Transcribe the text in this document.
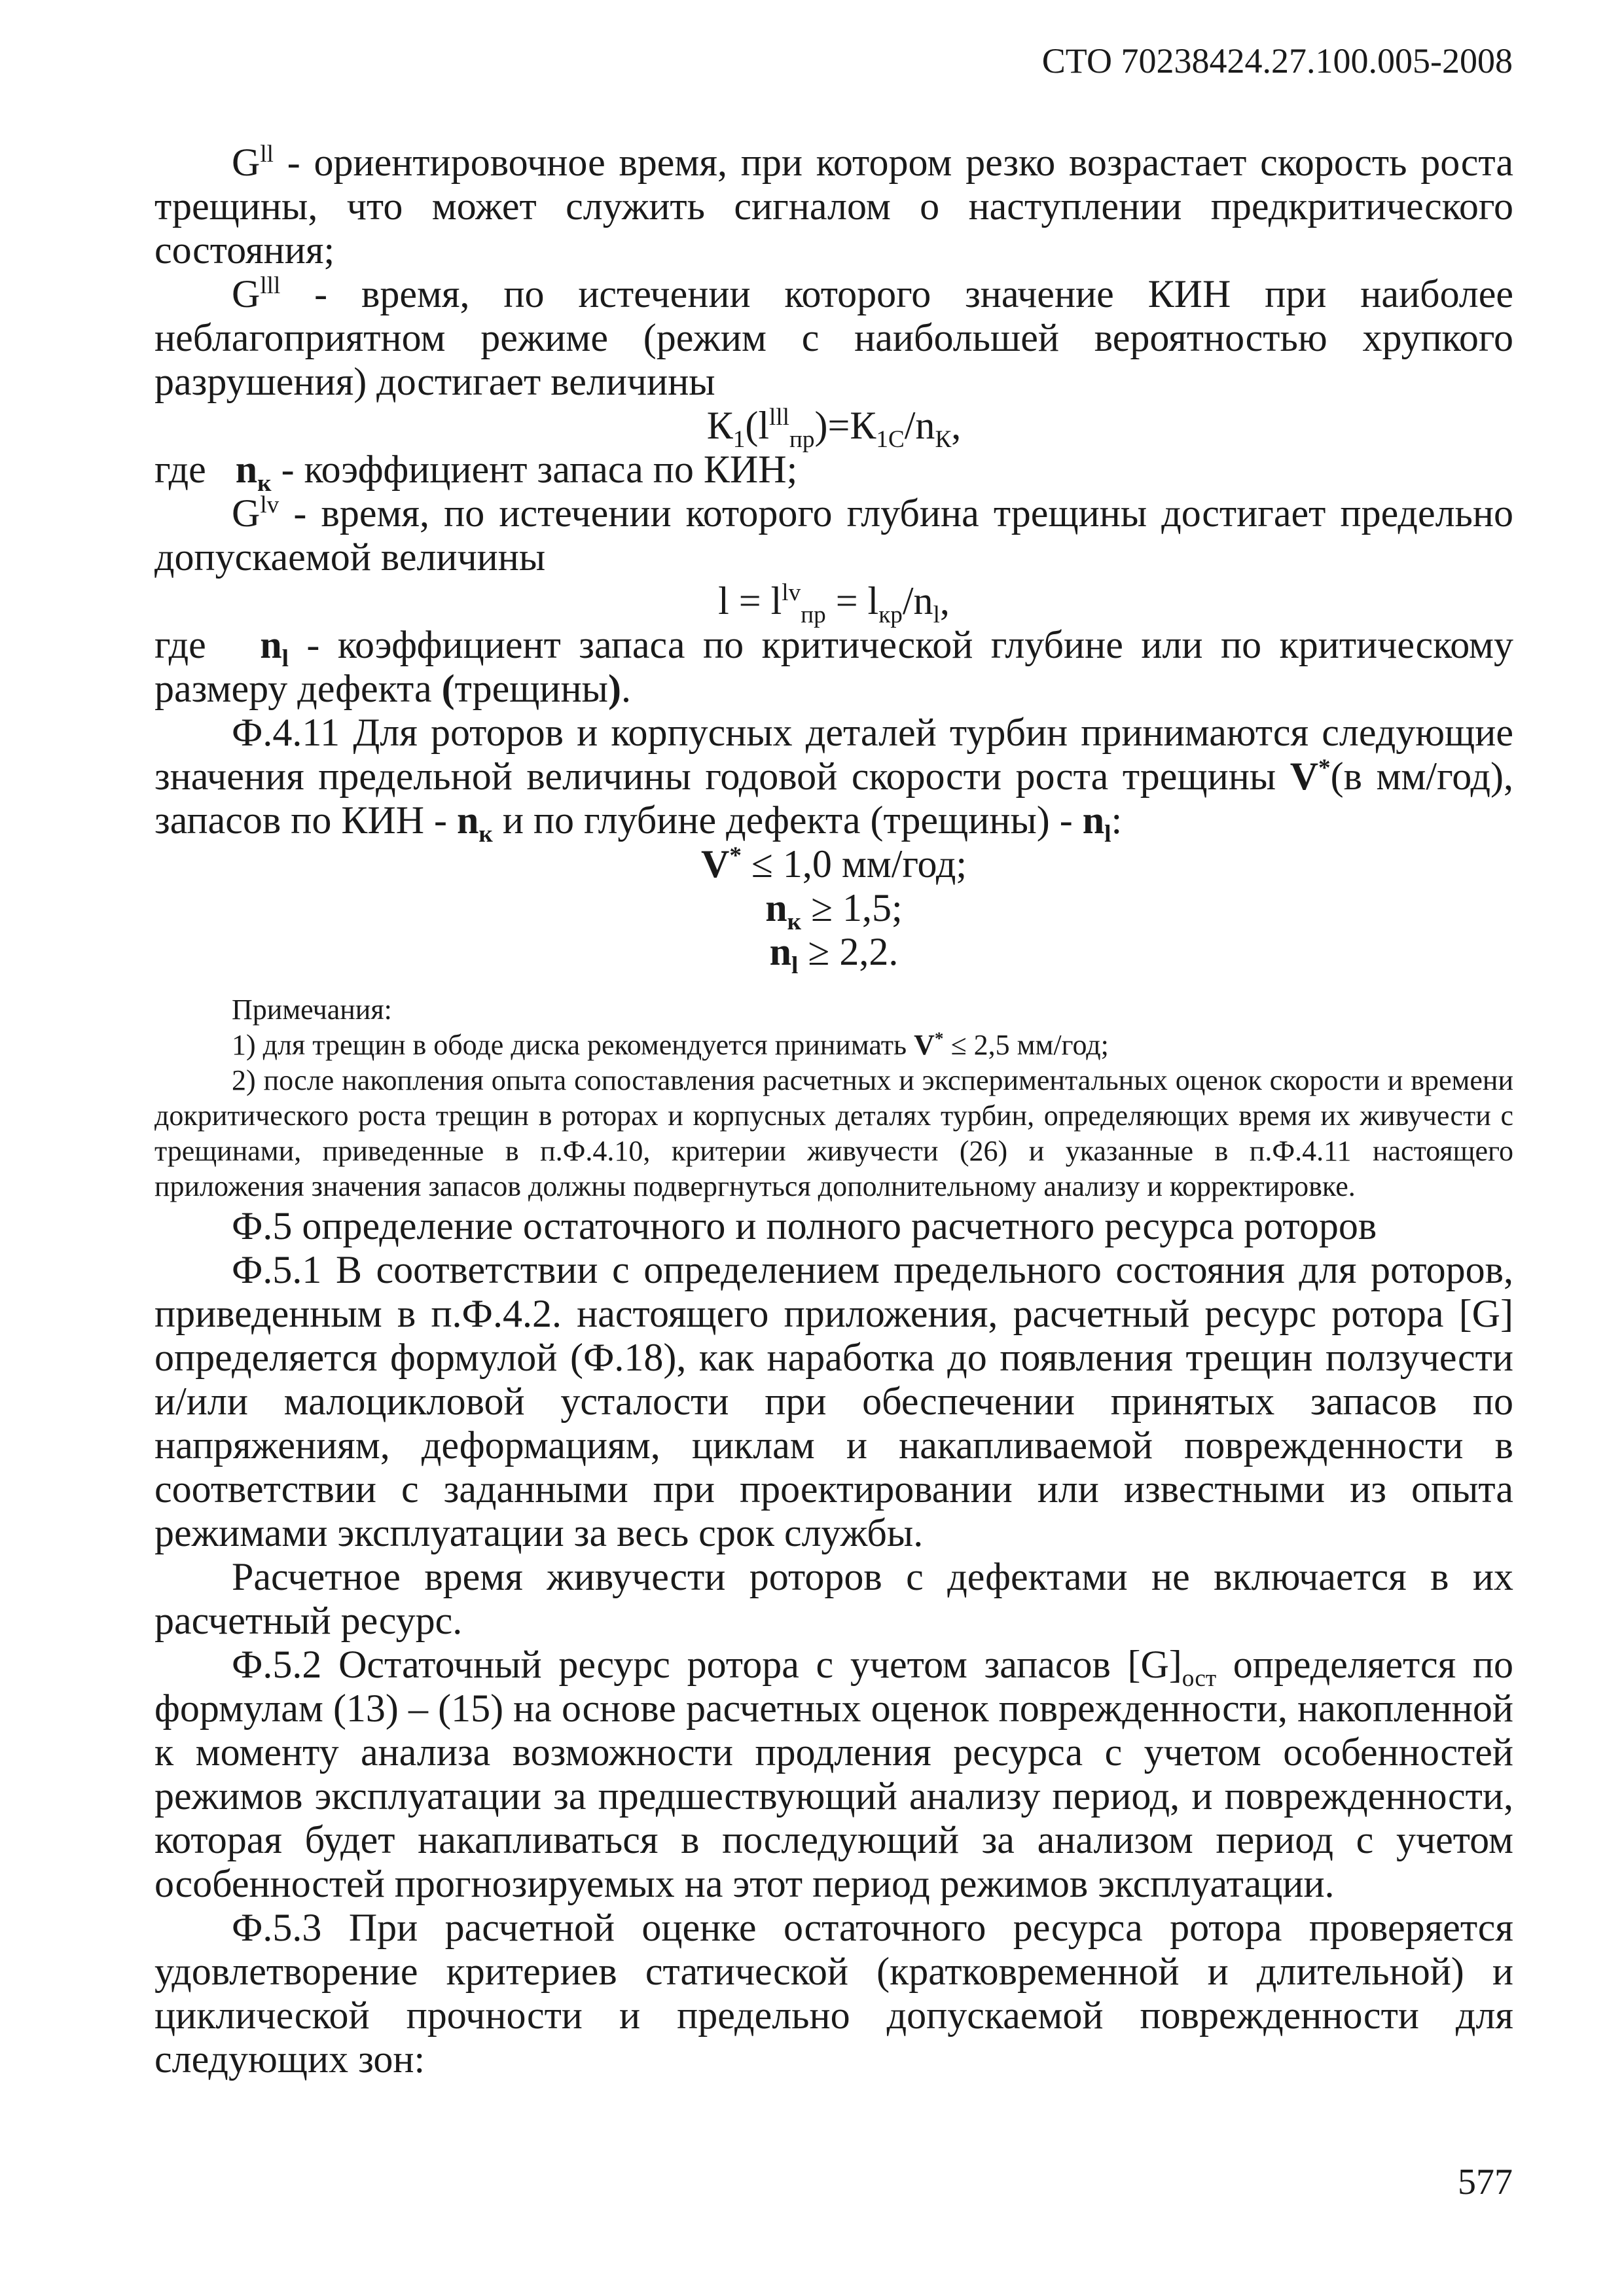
СТО 70238424.27.100.005-2008

$G^{ll}$ - ориентировочное время, при котором резко возрастает скорость роста трещины, что может служить сигналом о наступлении предкритического состояния;

$G^{lll}$ - время, по истечении которого значение КИН при наиболее неблагоприятном режиме (режим с наибольшей вероятностью хрупкого разрушения) достигает величины

$К_1(l^{lll}_{пр})=К_{1С}/n_К$,

где   $n_к$ - коэффициент запаса по КИН;

$G^{lv}$ - время, по истечении которого глубина трещины достигает предельно допускаемой величины

$l = l^{lv}_{пр} = l_{кр}/n_l$,

где   $n_l$ - коэффициент запаса по критической глубине или по критическому размеру дефекта (трещины).

Ф.4.11 Для роторов и корпусных деталей турбин принимаются следующие значения предельной величины годовой скорости роста трещины V*(в мм/год), запасов по КИН - $n_к$ и по глубине дефекта (трещины) - $n_l$:

V* ≤ 1,0 мм/год;

$n_к \ge 1,5$;

$n_l \ge 2,2$.

Примечания:

1) для трещин в ободе диска рекомендуется принимать V* ≤ 2,5 мм/год;

2) после накопления опыта сопоставления расчетных и экспериментальных оценок скорости и времени докритического роста трещин в роторах и корпусных деталях турбин, определяющих время их живучести с трещинами, приведенные в п.Ф.4.10, критерии живучести (26) и указанные в п.Ф.4.11 настоящего приложения значения запасов должны подвергнуться дополнительному анализу и корректировке.

Ф.5 определение остаточного и полного расчетного ресурса роторов

Ф.5.1 В соответствии с определением предельного состояния для роторов, приведенным в п.Ф.4.2. настоящего приложения, расчетный ресурс ротора [G] определяется формулой (Ф.18), как наработка до появления трещин ползучести и/или малоцикловой усталости при обеспечении принятых запасов по напряжениям, деформациям, циклам и накапливаемой поврежденности в соответствии с заданными при проектировании или известными из опыта режимами эксплуатации за весь срок службы.

Расчетное время живучести роторов с дефектами не включается в их расчетный ресурс.

Ф.5.2 Остаточный ресурс ротора с учетом запасов $[G]_{ост}$ определяется по формулам (13) – (15) на основе расчетных оценок поврежденности, накопленной к моменту анализа возможности продления ресурса с учетом особенностей режимов эксплуатации за предшествующий анализу период, и поврежденности, которая будет накапливаться в последующий за анализом период с учетом особенностей прогнозируемых на этот период режимов эксплуатации.

Ф.5.3 При расчетной оценке остаточного ресурса ротора проверяется удовлетворение критериев статической (кратковременной и длительной) и циклической прочности и предельно допускаемой поврежденности для следующих зон:

577
